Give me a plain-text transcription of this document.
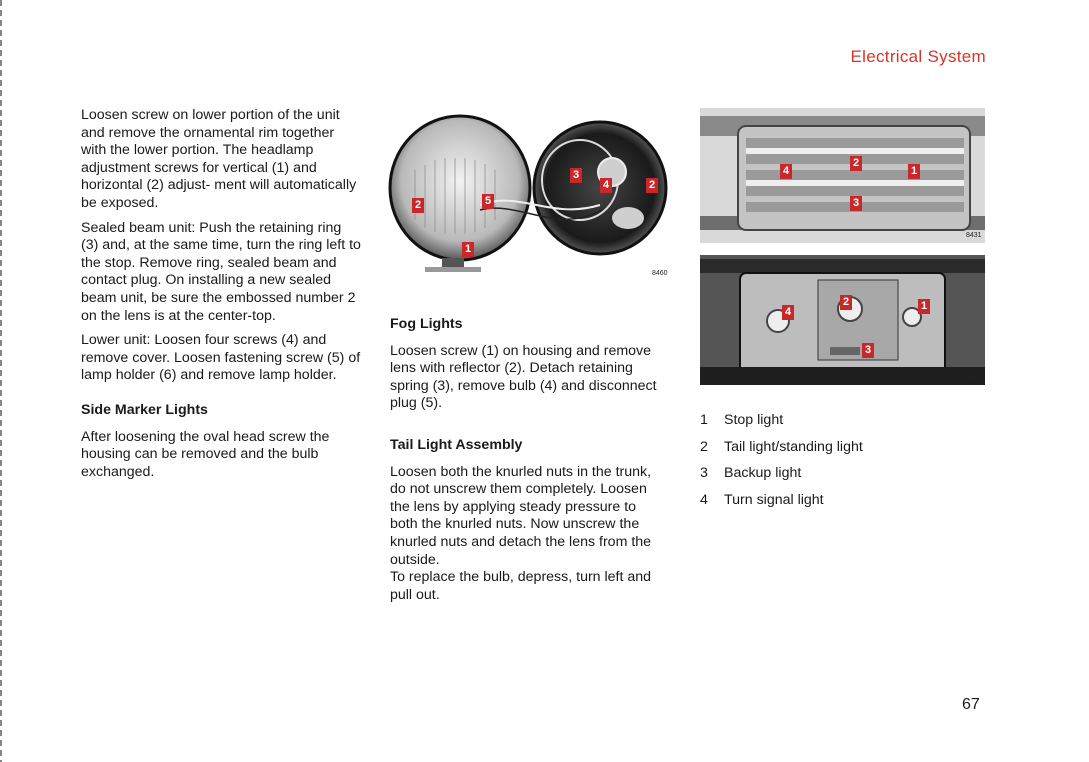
Electrical System

Loosen screw on lower portion of the unit and remove the ornamental rim together with the lower portion. The headlamp adjustment screws for vertical (1) and horizontal (2) adjust- ment will automatically be exposed.

Sealed beam unit: Push the retaining ring (3) and, at the same time, turn the ring left to the stop. Remove ring, sealed beam and contact plug. On installing a new sealed beam unit, be sure the embossed number 2 on the lens is at the center-top.

Lower unit: Loosen four screws (4) and remove cover. Loosen fastening screw (5) of lamp holder (6) and remove lamp holder.

Side Marker Lights

After loosening the oval head screw the housing can be removed and the bulb exchanged.

1
2
3
4
5
2
8460
Fog Lights

Loosen screw (1) on housing and remove lens with reflector (2). Detach retaining spring (3), remove bulb (4) and disconnect plug (5).

Tail Light Assembly

Loosen both the knurled nuts in the trunk, do not unscrew them completely. Loosen the lens by applying steady pressure to both the knurled nuts. Now unscrew the knurled nuts and detach the lens from the outside.

To replace the bulb, depress, turn left and pull out.

4
2
1
3
8431
4
2	1
3
8432
1	Stop light
2	Tail light/standing light
3	Backup light
4	Turn signal light
67
